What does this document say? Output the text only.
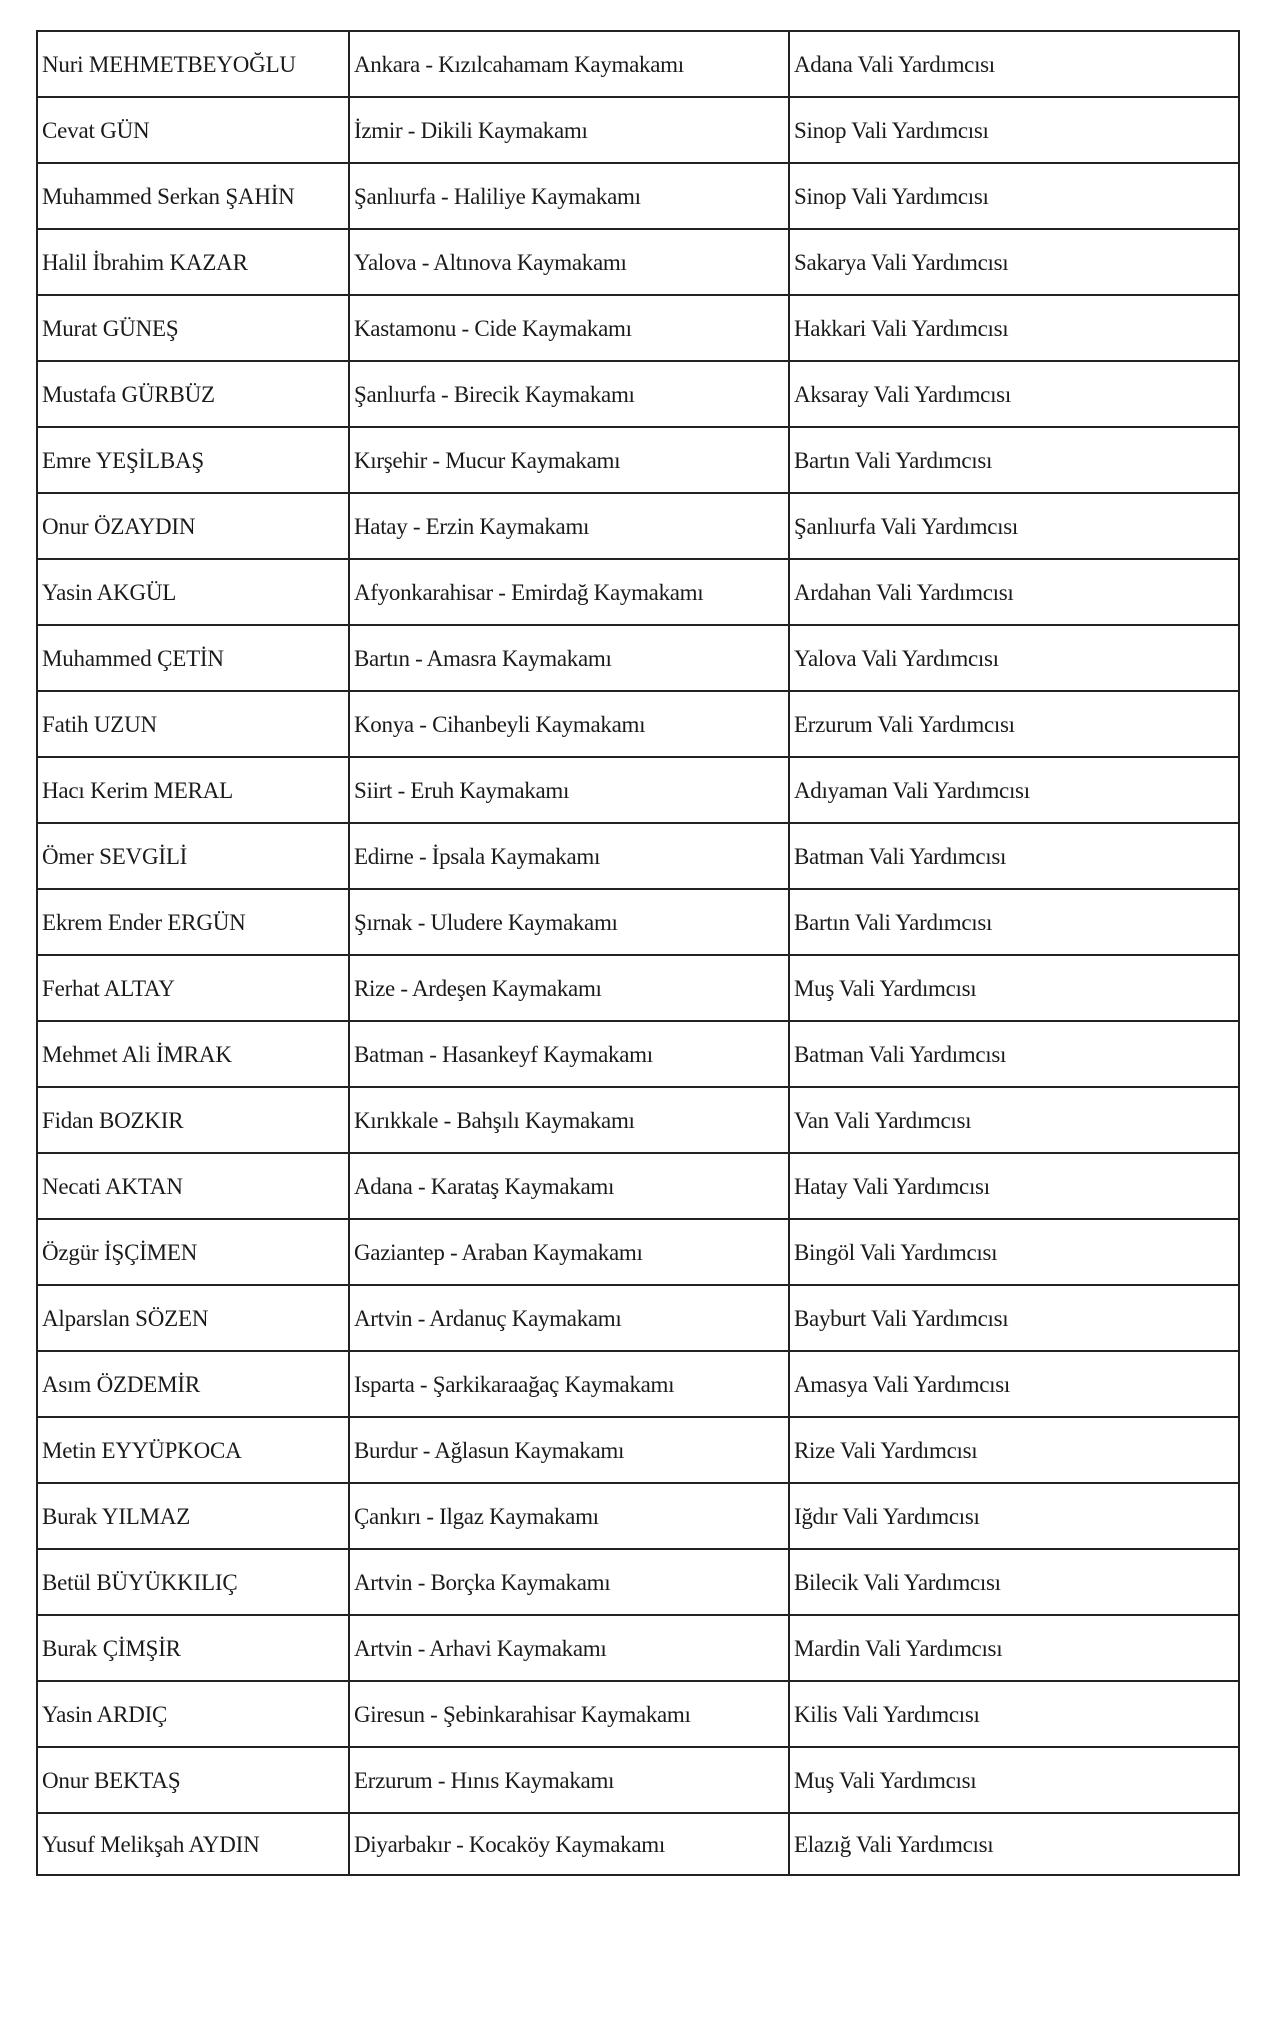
Nuri MEHMETBEYOĞLU	Ankara - Kızılcahamam Kaymakamı	Adana Vali Yardımcısı
Cevat GÜN	İzmir - Dikili Kaymakamı	Sinop Vali Yardımcısı
Muhammed Serkan ŞAHİN	Şanlıurfa - Haliliye Kaymakamı	Sinop Vali Yardımcısı
Halil İbrahim KAZAR	Yalova - Altınova Kaymakamı	Sakarya Vali Yardımcısı
Murat GÜNEŞ	Kastamonu - Cide Kaymakamı	Hakkari Vali Yardımcısı
Mustafa GÜRBÜZ	Şanlıurfa - Birecik Kaymakamı	Aksaray Vali Yardımcısı
Emre YEŞİLBAŞ	Kırşehir - Mucur Kaymakamı	Bartın Vali Yardımcısı
Onur ÖZAYDIN	Hatay - Erzin Kaymakamı	Şanlıurfa Vali Yardımcısı
Yasin AKGÜL	Afyonkarahisar - Emirdağ Kaymakamı	Ardahan Vali Yardımcısı
Muhammed ÇETİN	Bartın - Amasra Kaymakamı	Yalova Vali Yardımcısı
Fatih UZUN	Konya - Cihanbeyli Kaymakamı	Erzurum Vali Yardımcısı
Hacı Kerim MERAL	Siirt - Eruh Kaymakamı	Adıyaman Vali Yardımcısı
Ömer SEVGİLİ	Edirne - İpsala Kaymakamı	Batman Vali Yardımcısı
Ekrem Ender ERGÜN	Şırnak - Uludere Kaymakamı	Bartın Vali Yardımcısı
Ferhat ALTAY	Rize - Ardeşen Kaymakamı	Muş Vali Yardımcısı
Mehmet Ali İMRAK	Batman - Hasankeyf Kaymakamı	Batman Vali Yardımcısı
Fidan BOZKIR	Kırıkkale - Bahşılı Kaymakamı	Van Vali Yardımcısı
Necati AKTAN	Adana - Karataş Kaymakamı	Hatay Vali Yardımcısı
Özgür İŞÇİMEN	Gaziantep - Araban Kaymakamı	Bingöl Vali Yardımcısı
Alparslan SÖZEN	Artvin - Ardanuç Kaymakamı	Bayburt Vali Yardımcısı
Asım ÖZDEMİR	Isparta - Şarkikaraağaç Kaymakamı	Amasya Vali Yardımcısı
Metin EYYÜPKOCA	Burdur - Ağlasun Kaymakamı	Rize Vali Yardımcısı
Burak YILMAZ	Çankırı - Ilgaz Kaymakamı	Iğdır Vali Yardımcısı
Betül BÜYÜKKILIÇ	Artvin - Borçka Kaymakamı	Bilecik Vali Yardımcısı
Burak ÇİMŞİR	Artvin - Arhavi Kaymakamı	Mardin Vali Yardımcısı
Yasin ARDIÇ	Giresun - Şebinkarahisar Kaymakamı	Kilis Vali Yardımcısı
Onur BEKTAŞ	Erzurum - Hınıs Kaymakamı	Muş Vali Yardımcısı
Yusuf Melikşah AYDIN	Diyarbakır - Kocaköy Kaymakamı	Elazığ Vali Yardımcısı
